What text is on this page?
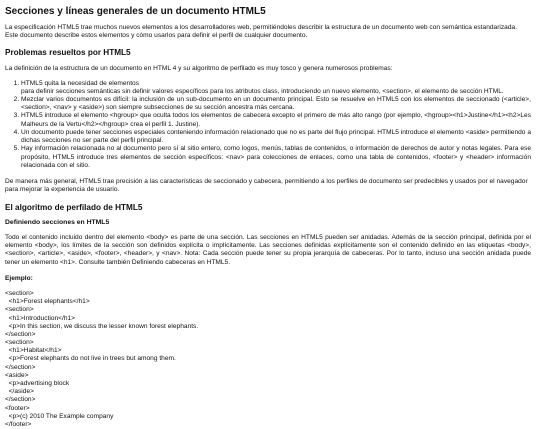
Secciones y líneas generales de un documento HTML5

La especificación HTML5 trae muchos nuevos elementos a los desarrolladores web, permitiéndoles describir la estructura de un documento web con semántica estandarizada. Este documento describe estos elementos y cómo usarlos para definir el perfil de cualquier documento.

Problemas resueltos por HTML5

La definición de la estructura de un documento en HTML 4 y su algoritmo de perfilado es muy tosco y genera numerosos problemas:

1. HTML5 quita la necesidad de elementos
para definir secciones semánticas sin definir valores específicos para los atributos class, introduciendo un nuevo elemento, <section>, el elemento de sección HTML.
2. Mezclar varios documentos es difícil: la inclusión de un sub-documento en un documento principal. Esto se resuelve en HTML5 con los elementos de seccionado (<article>, <section>, <nav> y <aside>) son siempre subsecciones de su sección ancestra más cercana.
3. HTML5 introduce el elemento <hgroup> que oculta todos los elementos de cabecera excepto el primero de más alto rango (por ejemplo, <hgroup><h1>Justine</h1><h2>Les Malheurs de la Vertu</h2></hgroup> crea el perfil 1. Justine).
4. Un documento puede tener secciones especiales conteniendo información relacionado que no es parte del flujo principal. HTML5 introduce el elemento <aside> permitiendo a dichas secciones no ser parte del perfil principal.
5. Hay información relacionada no al documento pero sí al sitio entero, como logos, menús, tablas de contenidos, o información de derechos de autor y notas legales. Para ese propósito, HTML5 introduce tres elementos de sección específicos: <nav> para colecciones de enlaces, como una tabla de contenidos, <footer> y <header> información relacionada con el sitio.

De manera más general, HTML5 trae precisión a las características de seccionado y cabecera, permitiendo a los perfiles de documento ser predecibles y usados por el navegador para mejorar la experiencia de usuario.

El algoritmo de perfilado de HTML5
Definiendo secciones en HTML5

Todo el contenido incluido dentro del elemento <body> es parte de una sección. Las secciones en HTML5 pueden ser anidadas. Además de la sección principal, definida por el elemento <body>, los límites de la sección son definidos explícita o implícitamente. Las secciones definidas explícitamente son el contenido definido en las etiquetas <body>, <section>, <article>, <aside>, <footer>, <header>, y <nav>. Nota: Cada sección puede tener su propia jerarquía de cabeceras. Por lo tanto, incluso una sección anidada puede tener un elemento <h1>. Consulte también Definiendo cabeceras en HTML5.

Ejemplo:
<section>
<h1>Forest elephants</h1>
<section>
<h1>Introduction</h1>
<p>In this section, we discuss the lesser known forest elephants.
</section>
<section>
<h1>Habitat</h1>
<p>Forest elephants do not live in trees but among them.
</section>
<aside>
<p>advertising block
</aside>
</section>
<footer>
<p>(c) 2010 The Example company
</footer>
